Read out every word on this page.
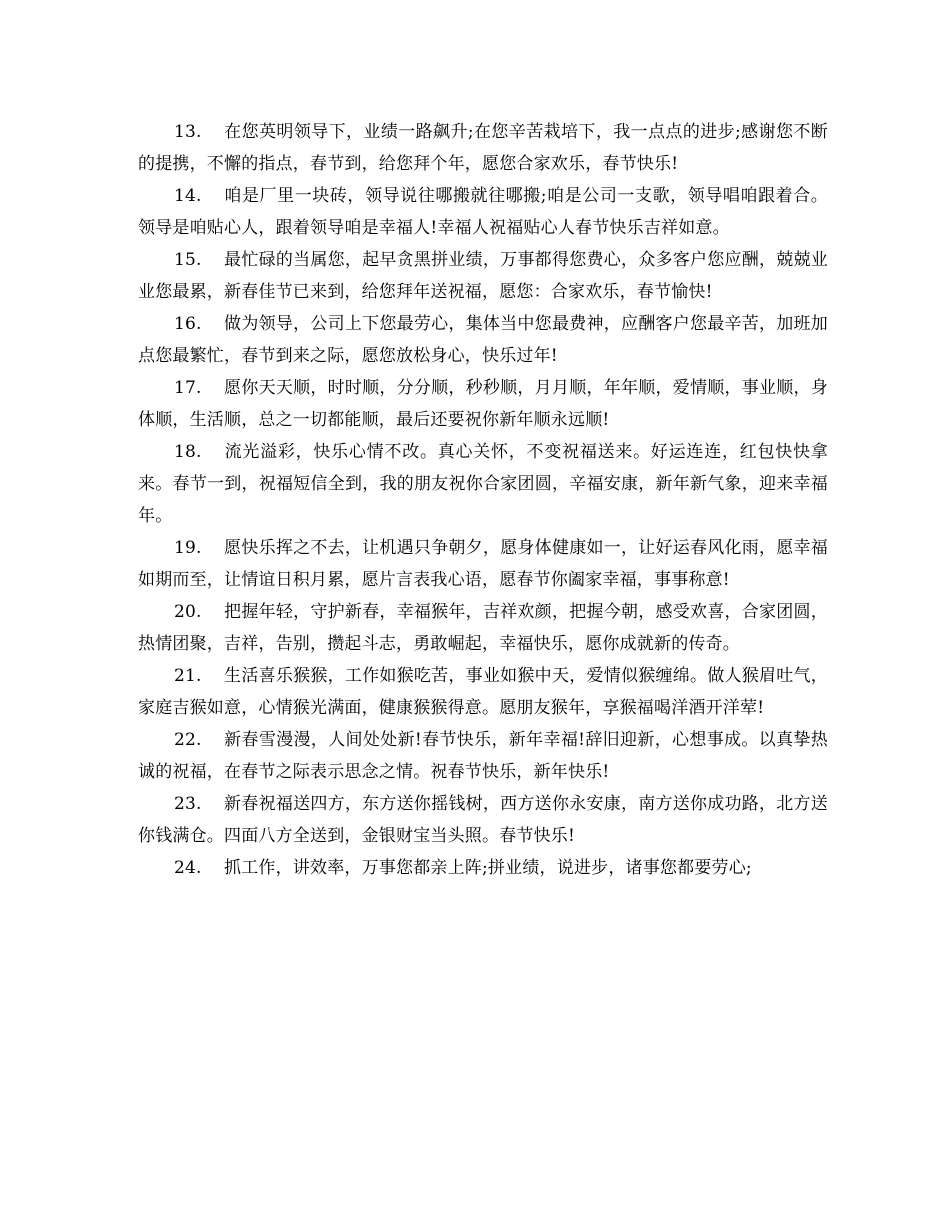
13. 在您英明领导下，业绩一路飙升;在您辛苦栽培下，我一点点的进步;感谢您不断的提携，不懈的指点，春节到，给您拜个年，愿您合家欢乐，春节快乐!

14. 咱是厂里一块砖，领导说往哪搬就往哪搬;咱是公司一支歌，领导唱咱跟着合。领导是咱贴心人，跟着领导咱是幸福人!幸福人祝福贴心人春节快乐吉祥如意。

15. 最忙碌的当属您，起早贪黑拼业绩，万事都得您费心，众多客户您应酬，兢兢业业您最累，新春佳节已来到，给您拜年送祝福，愿您：合家欢乐，春节愉快!

16. 做为领导，公司上下您最劳心，集体当中您最费神，应酬客户您最辛苦，加班加点您最繁忙，春节到来之际，愿您放松身心，快乐过年!

17. 愿你天天顺，时时顺，分分顺，秒秒顺，月月顺，年年顺，爱情顺，事业顺，身体顺，生活顺，总之一切都能顺，最后还要祝你新年顺永远顺!

18. 流光溢彩，快乐心情不改。真心关怀，不变祝福送来。好运连连，红包快快拿来。春节一到，祝福短信全到，我的朋友祝你合家团圆，辛福安康，新年新气象，迎来幸福年。

19. 愿快乐挥之不去，让机遇只争朝夕，愿身体健康如一，让好运春风化雨，愿幸福如期而至，让情谊日积月累，愿片言表我心语，愿春节你阖家幸福，事事称意!

20. 把握年轻，守护新春，幸福猴年，吉祥欢颜，把握今朝，感受欢喜，合家团圆，热情团聚，吉祥，告别，攒起斗志，勇敢崛起，幸福快乐，愿你成就新的传奇。

21. 生活喜乐猴猴，工作如猴吃苦，事业如猴中天，爱情似猴缠绵。做人猴眉吐气，家庭吉猴如意，心情猴光满面，健康猴猴得意。愿朋友猴年，享猴福喝洋酒开洋荤!

22. 新春雪漫漫，人间处处新!春节快乐，新年幸福!辞旧迎新，心想事成。以真挚热诚的祝福，在春节之际表示思念之情。祝春节快乐，新年快乐!

23. 新春祝福送四方，东方送你摇钱树，西方送你永安康，南方送你成功路，北方送你钱满仓。四面八方全送到，金银财宝当头照。春节快乐!

24. 抓工作，讲效率，万事您都亲上阵;拼业绩，说进步，诸事您都要劳心;
